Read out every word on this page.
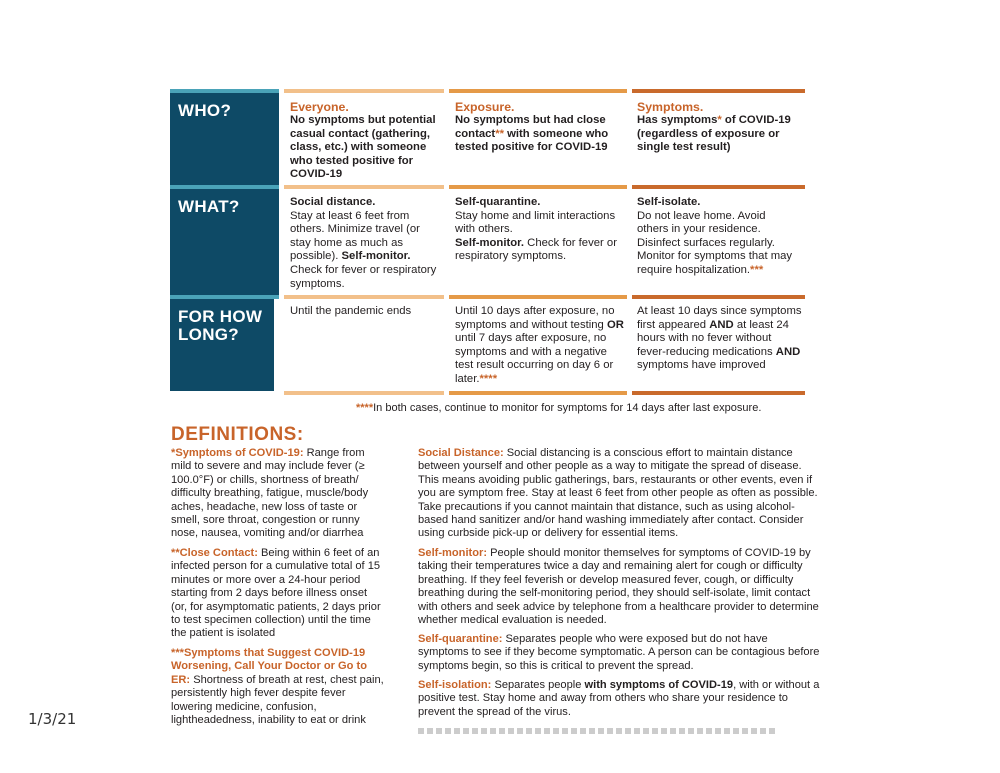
WHO?
WHAT?
FOR HOW LONG?
Everyone.
No symptoms but potential casual contact (gathering, class, etc.) with someone who tested positive for COVID-19
Exposure.
No symptoms but had close contact** with someone who tested positive for COVID-19
Symptoms.
Has symptoms* of COVID-19 (regardless of exposure or single test result)
Social distance.
Stay at least 6 feet from others. Minimize travel (or stay home as much as possible). Self-monitor. Check for fever or respiratory symptoms.
Self-quarantine.
Stay home and limit interactions with others.
Self-monitor. Check for fever or respiratory symptoms.
Self-isolate.
Do not leave home. Avoid others in your residence. Disinfect surfaces regularly. Monitor for symptoms that may require hospitalization.***
Until the pandemic ends	Until 10 days after exposure, no symptoms and without testing OR until 7 days after exposure, no symptoms and with a negative test result occurring on day 6 or later.****
At least 10 days since symptoms first appeared AND at least 24 hours with no fever without fever-reducing medications AND symptoms have improved
****In both cases, continue to monitor for symptoms for 14 days after last exposure.
DEFINITIONS:
*Symptoms of COVID-19: Range from mild to severe and may include fever (≥ 100.0°F) or chills, shortness of breath/ difficulty breathing, fatigue, muscle/body aches, headache, new loss of taste or smell, sore throat, congestion or runny nose, nausea, vomiting and/or diarrhea
**Close Contact: Being within 6 feet of an infected person for a cumulative total of 15 minutes or more over a 24-hour period starting from 2 days before illness onset (or, for asymptomatic patients, 2 days prior to test specimen collection) until the time the patient is isolated
***Symptoms that Suggest COVID-19 Worsening, Call Your Doctor or Go to ER: Shortness of breath at rest, chest pain, persistently high fever despite fever lowering medicine, confusion, lightheadedness, inability to eat or drink
Social Distance: Social distancing is a conscious effort to maintain distance between yourself and other people as a way to mitigate the spread of disease. This means avoiding public gatherings, bars, restaurants or other events, even if you are symptom free. Stay at least 6 feet from other people as often as possible. Take precautions if you cannot maintain that distance, such as using alcohol-based hand sanitizer and/or hand washing immediately after contact. Consider using curbside pick-up or delivery for essential items.
Self-monitor: People should monitor themselves for symptoms of COVID-19 by taking their temperatures twice a day and remaining alert for cough or difficulty breathing. If they feel feverish or develop measured fever, cough, or difficulty breathing during the self-monitoring period, they should self-isolate, limit contact with others and seek advice by telephone from a healthcare provider to determine whether medical evaluation is needed.
Self-quarantine: Separates people who were exposed but do not have symptoms to see if they become symptomatic. A person can be contagious before symptoms begin, so this is critical to prevent the spread.
Self-isolation: Separates people with symptoms of COVID-19, with or without a positive test. Stay home and away from others who share your residence to prevent the spread of the virus.
1/3/21
